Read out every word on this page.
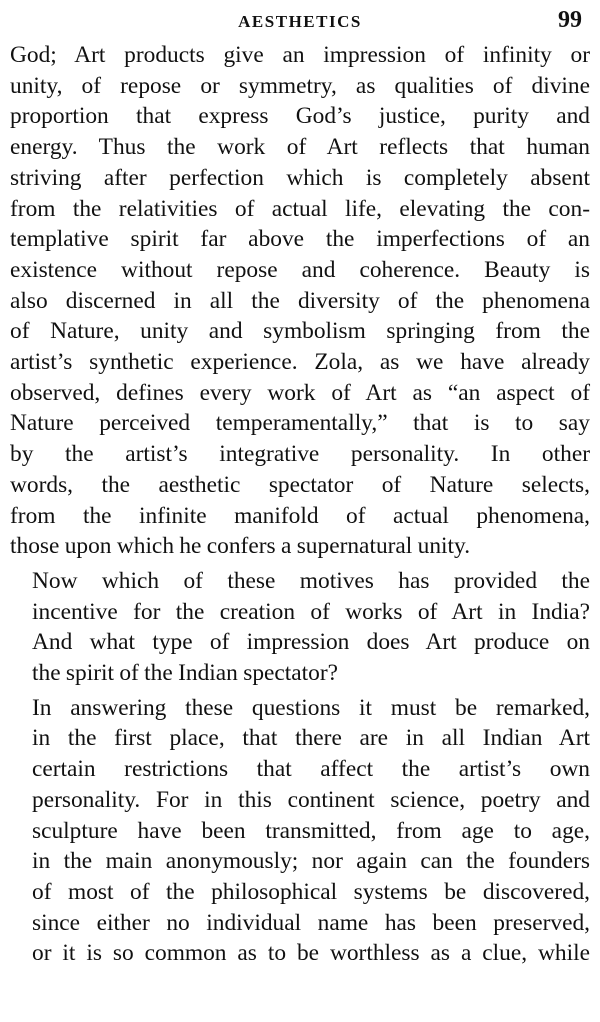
AESTHETICS	99

God; Art products give an impression of infinity or
unity, of repose or symmetry, as qualities of divine
proportion that express God’s justice, purity and
energy. Thus the work of Art reflects that human
striving after perfection which is completely absent
from the relativities of actual life, elevating the con-
templative spirit far above the imperfections of an
existence without repose and coherence. Beauty is
also discerned in all the diversity of the phenomena
of Nature, unity and symbolism springing from the
artist’s synthetic experience. Zola, as we have already
observed, defines every work of Art as “an aspect of
Nature perceived temperamentally,” that is to say
by the artist’s integrative personality. In other
words, the aesthetic spectator of Nature selects,
from the infinite manifold of actual phenomena,
those upon which he confers a supernatural unity.

Now which of these motives has provided the
incentive for the creation of works of Art in India?
And what type of impression does Art produce on
the spirit of the Indian spectator?

In answering these questions it must be remarked,
in the first place, that there are in all Indian Art
certain restrictions that affect the artist’s own
personality. For in this continent science, poetry and
sculpture have been transmitted, from age to age,
in the main anonymously; nor again can the founders
of most of the philosophical systems be discovered,
since either no individual name has been preserved,
or it is so common as to be worthless as a clue, while
